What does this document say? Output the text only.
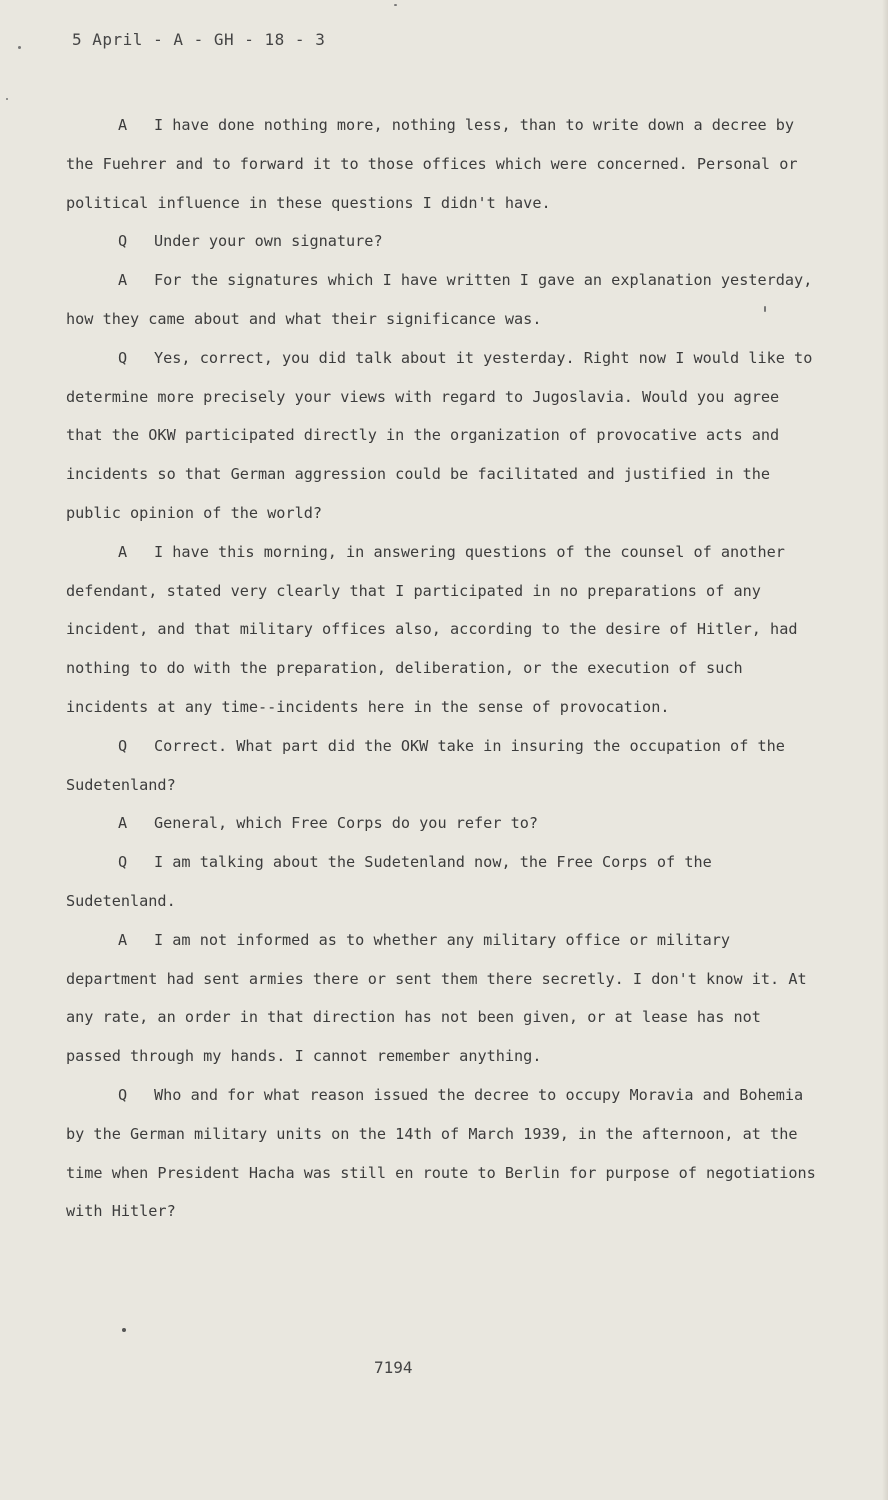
5 April - A - GH - 18 - 3

A I have done nothing more, nothing less, than to write down a decree by the Fuehrer and to forward it to those offices which were concerned. Personal or political influence in these questions I didn't have.

Q Under your own signature?

A For the signatures which I have written I gave an explanation yesterday, how they came about and what their significance was.

Q Yes, correct, you did talk about it yesterday. Right now I would like to determine more precisely your views with regard to Jugoslavia. Would you agree that the OKW participated directly in the organization of provocative acts and incidents so that German aggression could be facilitated and justified in the public opinion of the world?

A I have this morning, in answering questions of the counsel of another defendant, stated very clearly that I participated in no preparations of any incident, and that military offices also, according to the desire of Hitler, had nothing to do with the preparation, deliberation, or the execution of such incidents at any time--incidents here in the sense of provocation.

Q Correct. What part did the OKW take in insuring the occupation of the Sudetenland?

A General, which Free Corps do you refer to?

Q I am talking about the Sudetenland now, the Free Corps of the Sudetenland.

A I am not informed as to whether any military office or military department had sent armies there or sent them there secretly. I don't know it. At any rate, an order in that direction has not been given, or at lease has not passed through my hands. I cannot remember anything.

Q Who and for what reason issued the decree to occupy Moravia and Bohemia by the German military units on the 14th of March 1939, in the afternoon, at the time when President Hacha was still en route to Berlin for purpose of negotiations with Hitler?

7194
